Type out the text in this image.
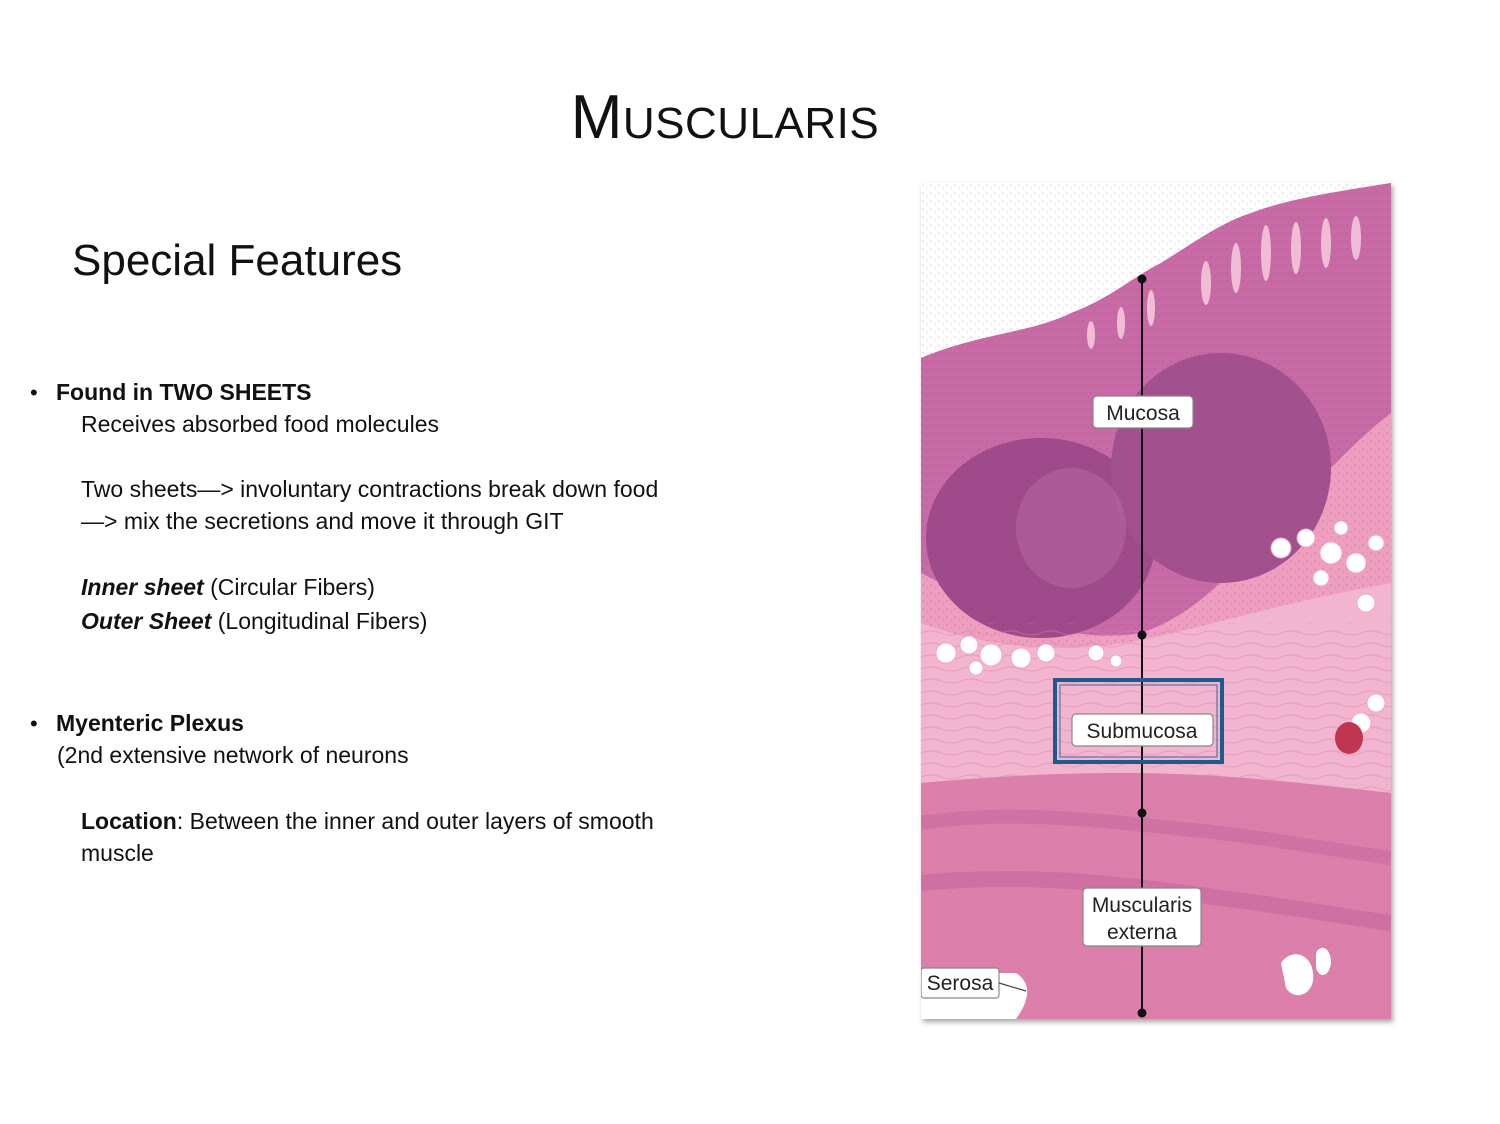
MUSCULARIS
Special Features
• Found in TWO SHEETS
Receives absorbed food molecules
Two sheets—> involuntary contractions break down food
—> mix the secretions and move it through GIT
Inner sheet (Circular Fibers)
Outer Sheet (Longitudinal Fibers)
• Myenteric Plexus
(2nd extensive network of neurons
Location: Between the inner and outer layers of smooth
muscle
Mucosa
Submucosa
Muscularis
externa
Serosa
